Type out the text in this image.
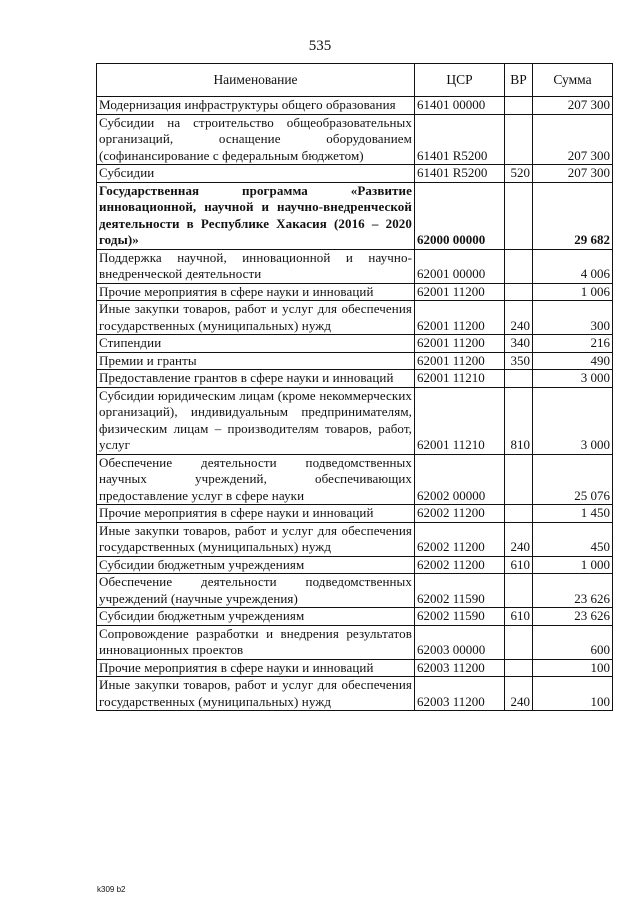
535
Наименование	ЦСР	ВР	Сумма
Модернизация инфраструктуры общего образования	61401 00000		207 300
Субсидии на строительство общеобразовательных организаций, оснащение оборудованием (софинансирование с федеральным бюджетом)	61401 R5200		207 300
Субсидии	61401 R5200	520	207 300
Государственная программа «Развитие инновационной, научной и научно-внедренческой деятельности в Республике Хакасия (2016 – 2020 годы)»	62000 00000		29 682
Поддержка научной, инновационной и научно-внедренческой деятельности	62001 00000		4 006
Прочие мероприятия в сфере науки и инноваций	62001 11200		1 006
Иные закупки товаров, работ и услуг для обеспечения государственных (муниципальных) нужд	62001 11200	240	300
Стипендии	62001 11200	340	216
Премии и гранты	62001 11200	350	490
Предоставление грантов в сфере науки и инноваций	62001 11210		3 000
Субсидии юридическим лицам (кроме некоммерческих организаций), индивидуальным предпринимателям, физическим лицам – производителям товаров, работ, услуг	62001 11210	810	3 000
Обеспечение деятельности подведомственных научных учреждений, обеспечивающих предоставление услуг в сфере науки	62002 00000		25 076
Прочие мероприятия в сфере науки и инноваций	62002 11200		1 450
Иные закупки товаров, работ и услуг для обеспечения государственных (муниципальных) нужд	62002 11200	240	450
Субсидии бюджетным учреждениям	62002 11200	610	1 000
Обеспечение деятельности подведомственных учреждений (научные учреждения)	62002 11590		23 626
Субсидии бюджетным учреждениям	62002 11590	610	23 626
Сопровождение разработки и внедрения результатов инновационных проектов	62003 00000		600
Прочие мероприятия в сфере науки и инноваций	62003 11200		100
Иные закупки товаров, работ и услуг для обеспечения государственных (муниципальных) нужд	62003 11200	240	100
k309 b2
